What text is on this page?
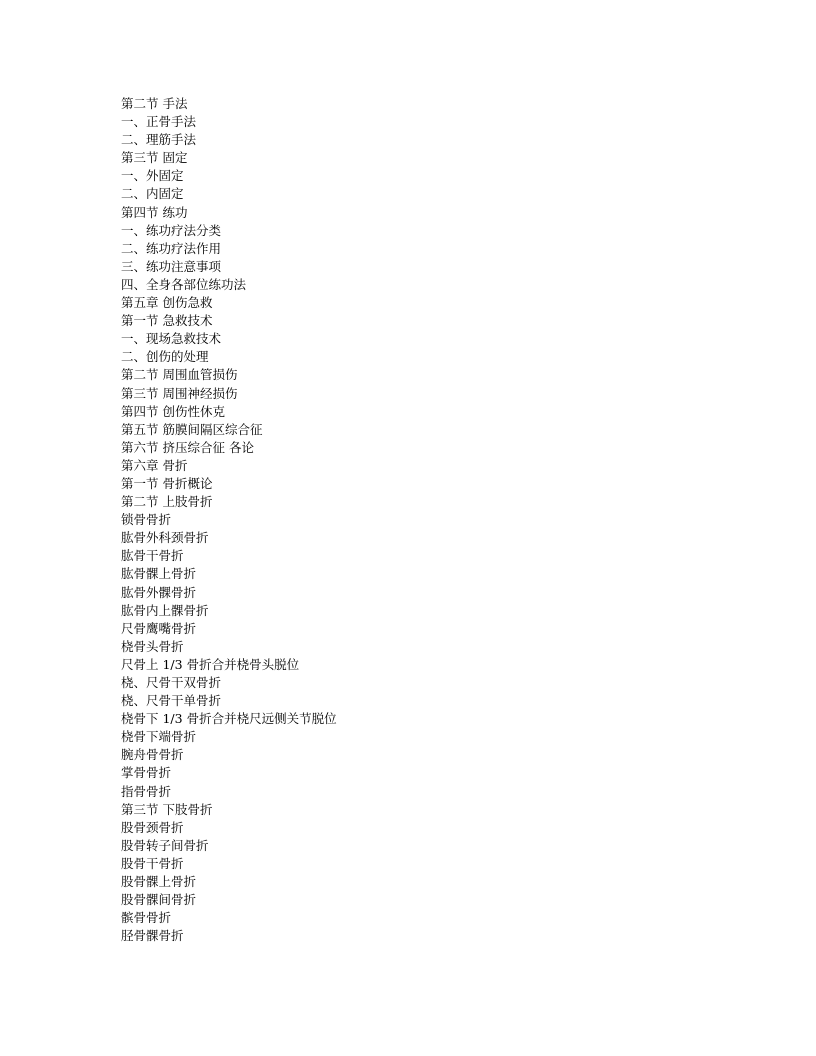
第二节 手法
一、正骨手法
二、理筋手法
第三节 固定
一、外固定
二、内固定
第四节 练功
一、练功疗法分类
二、练功疗法作用
三、练功注意事项
四、全身各部位练功法
第五章 创伤急救
第一节 急救技术
一、现场急救技术
二、创伤的处理
第二节 周围血管损伤
第三节 周围神经损伤
第四节 创伤性休克
第五节 筋膜间隔区综合征
第六节 挤压综合征 各论
第六章 骨折
第一节 骨折概论
第二节 上肢骨折
锁骨骨折
肱骨外科颈骨折
肱骨干骨折
肱骨髁上骨折
肱骨外髁骨折
肱骨内上髁骨折
尺骨鹰嘴骨折
桡骨头骨折
尺骨上 1/3 骨折合并桡骨头脱位
桡、尺骨干双骨折
桡、尺骨干单骨折
桡骨下 1/3 骨折合并桡尺远侧关节脱位
桡骨下端骨折
腕舟骨骨折
掌骨骨折
指骨骨折
第三节 下肢骨折
股骨颈骨折
股骨转子间骨折
股骨干骨折
股骨髁上骨折
股骨髁间骨折
髌骨骨折
胫骨髁骨折
